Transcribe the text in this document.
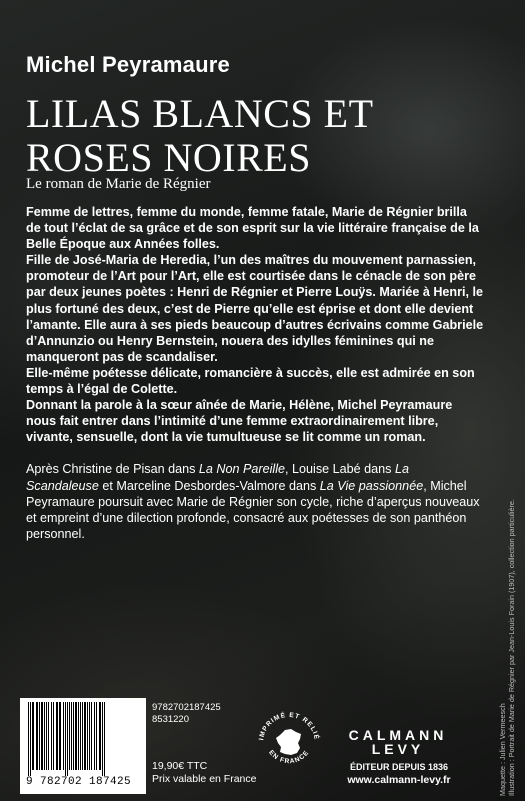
Michel Peyramaure
LILAS BLANCS ET
ROSES NOIRES

Le roman de Marie de Régnier

Femme de lettres, femme du monde, femme fatale, Marie de Régnier brilla de tout l’éclat de sa grâce et de son esprit sur la vie littéraire française de la Belle Époque aux Années folles.

Fille de José-Maria de Heredia, l’un des maîtres du mouvement parnassien, promoteur de l’Art pour l’Art, elle est courtisée dans le cénacle de son père par deux jeunes poètes : Henri de Régnier et Pierre Louÿs. Mariée à Henri, le plus fortuné des deux, c’est de Pierre qu’elle est éprise et dont elle devient l’amante. Elle aura à ses pieds beaucoup d’autres écrivains comme Gabriele d’Annunzio ou Henry Bernstein, nouera des idylles féminines qui ne manqueront pas de scandaliser.

Elle-même poétesse délicate, romancière à succès, elle est admirée en son temps à l’égal de Colette.

Donnant la parole à la sœur aînée de Marie, Hélène, Michel Peyramaure nous fait entrer dans l’intimité d’une femme extraordinairement libre, vivante, sensuelle, dont la vie tumultueuse se lit comme un roman.

Après Christine de Pisan dans La Non Pareille, Louise Labé dans La Scandaleuse et Marceline Desbordes-Valmore dans La Vie passionnée, Michel Peyramaure poursuit avec Marie de Régnier son cycle, riche d’aperçus nouveaux et empreint d’une dilection profonde, consacré aux poétesses de son panthéon personnel.

Maquette : Julien Vermeesch Illustration : Portrait de Marie de Régnier par Jean-Louis Forain (1907), collection particulière.
9 782702 187425
9782702187425
8531220
19,90€ TTC
Prix valable en France
IMPRIMÉ ET RELIÉ
EN FRANCE
CALMANN
LEVY
ÉDITEUR DEPUIS 1836
www.calmann-levy.fr
